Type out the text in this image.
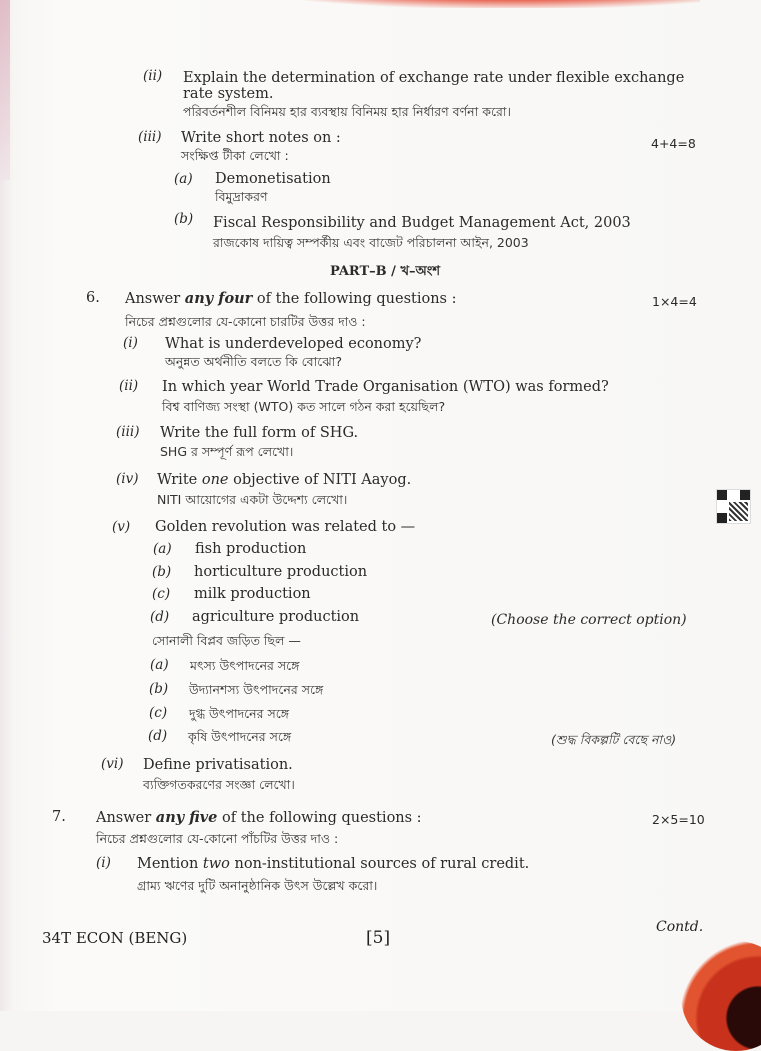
(ii) Explain the determination of exchange rate under flexible exchange
rate system.
পরিবর্তনশীল বিনিময় হার ব্যবস্থায় বিনিময় হার নির্ধারণ বর্ণনা করো।
(iii) Write short notes on :	4+4=8
সংক্ষিপ্ত টীকা লেখো :
(a) Demonetisation
বিমুদ্রাকরণ
(b) Fiscal Responsibility and Budget Management Act, 2003
রাজকোষ দায়িত্ব সম্পর্কীয় এবং বাজেট পরিচালনা আইন, 2003
PART–B / খ–অংশ
6. Answer any four of the following questions :	1×4=4
নিচের প্রশ্নগুলোর যে-কোনো চারটির উত্তর দাও :
(i) What is underdeveloped economy?
অনুন্নত অর্থনীতি বলতে কি বোঝো?
(ii) In which year World Trade Organisation (WTO) was formed?
বিশ্ব বাণিজ্য সংস্থা (WTO) কত সালে গঠন করা হয়েছিল?
(iii) Write the full form of SHG.
SHG র সম্পূর্ণ রূপ লেখো।
(iv) Write one objective of NITI Aayog.
NITI আয়োগের একটা উদ্দেশ্য লেখো।
(v) Golden revolution was related to —
(a) fish production
(b) horticulture production
(c) milk production
(d) agriculture production	(Choose the correct option)
সোনালী বিপ্লব জড়িত ছিল —
(a) মৎস্য উৎপাদনের সঙ্গে
(b) উদ্যানশস্য উৎপাদনের সঙ্গে
(c) দুগ্ধ উৎপাদনের সঙ্গে
(d) কৃষি উৎপাদনের সঙ্গে	(শুদ্ধ বিকল্পটি বেছে নাও)
(vi) Define privatisation.
ব্যক্তিগতকরণের সংজ্ঞা লেখো।
7. Answer any five of the following questions :	2×5=10
নিচের প্রশ্নগুলোর যে-কোনো পাঁচটির উত্তর দাও :
(i) Mention two non-institutional sources of rural credit.
গ্রাম্য ঋণের দুটি অনানুষ্ঠানিক উৎস উল্লেখ করো।
34T ECON (BENG)	[5]
Contd.
